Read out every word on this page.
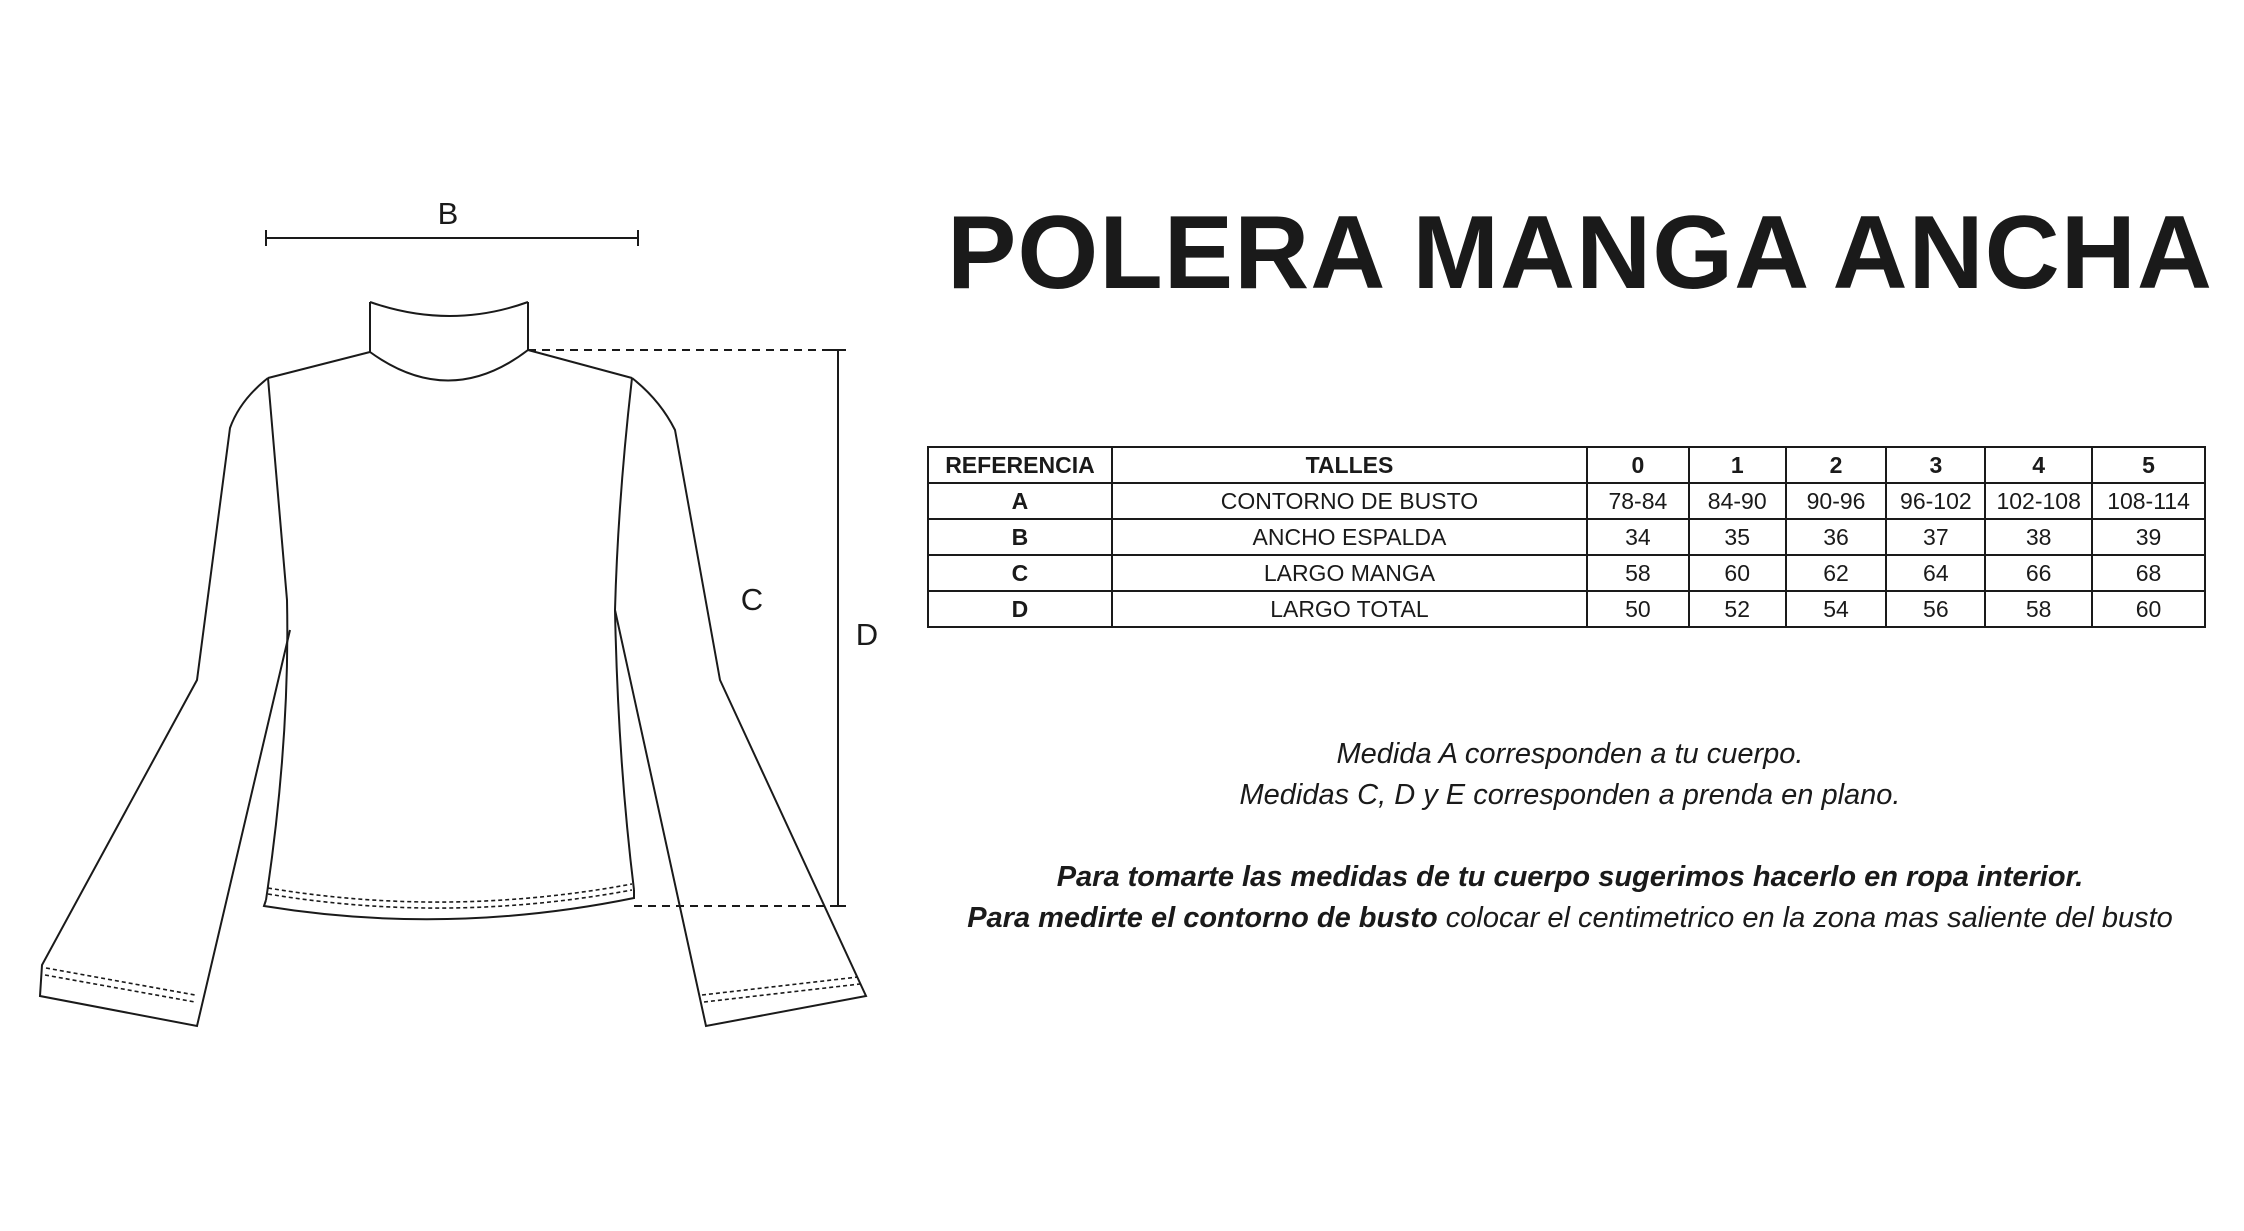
B
C
D
POLERA MANGA ANCHA
REFERENCIA	TALLES	0	1	2	3	4	5
A	CONTORNO DE BUSTO	78-84	84-90	90-96	96-102	102-108	108-114
B	ANCHO ESPALDA	34	35	36	37	38	39
C	LARGO MANGA	58	60	62	64	66	68
D	LARGO TOTAL	50	52	54	56	58	60

Medida A corresponden a tu cuerpo.

Medidas C, D y E corresponden a prenda en plano.

Para tomarte las medidas de tu cuerpo sugerimos hacerlo en ropa interior.

Para medirte el contorno de busto colocar el centimetrico en la zona mas saliente del busto
